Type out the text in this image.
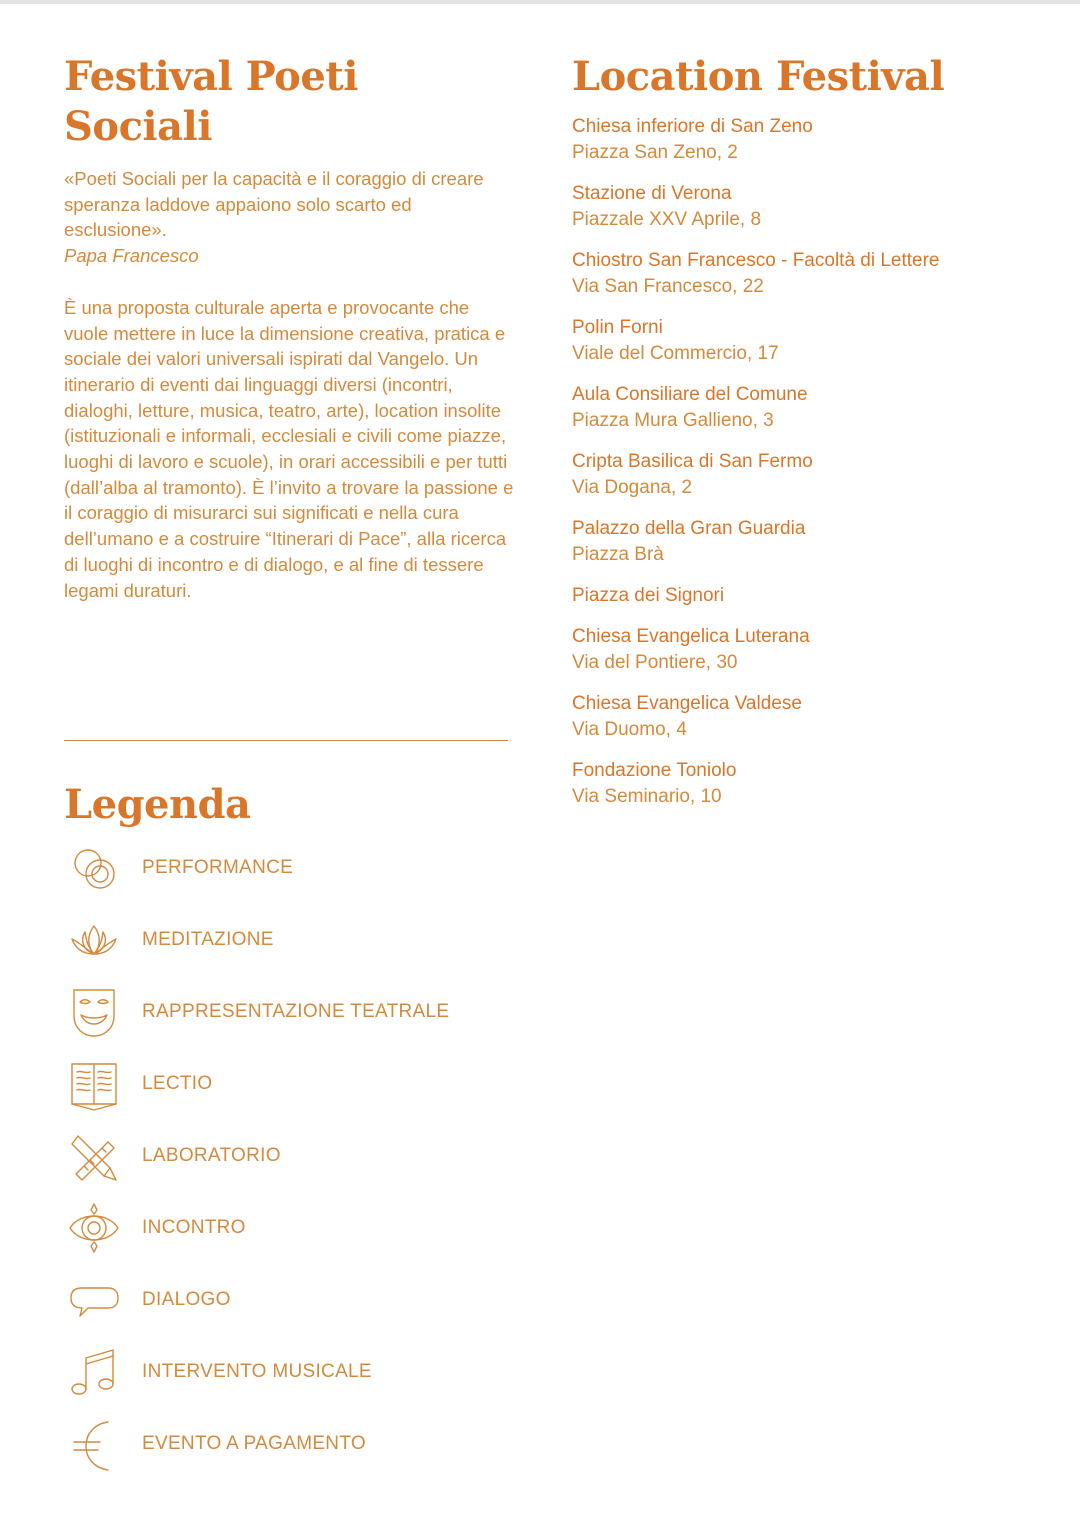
Festival Poeti Sociali
«Poeti Sociali per la capacità e il coraggio di creare speranza laddove appaiono solo scarto ed esclusione».
Papa Francesco
È una proposta culturale aperta e provocante che vuole mettere in luce la dimensione creativa, pratica e sociale dei valori universali ispirati dal Vangelo. Un itinerario di eventi dai linguaggi diversi (incontri, dialoghi, letture, musica, teatro, arte), location insolite (istituzionali e informali, ecclesiali e civili come piazze, luoghi di lavoro e scuole), in orari accessibili e per tutti (dall’alba al tramonto). È l’invito a trovare la passione e il coraggio di misurarci sui significati e nella cura dell’umano e a costruire “Itinerari di Pace”, alla ricerca di luoghi di incontro e di dialogo, e al fine di tessere legami duraturi.
Legenda
PERFORMANCE
MEDITAZIONE
RAPPRESENTAZIONE TEATRALE
LECTIO
LABORATORIO
INCONTRO
DIALOGO
INTERVENTO MUSICALE
EVENTO A PAGAMENTO
Location Festival
Chiesa inferiore di San Zeno
Piazza San Zeno, 2
Stazione di Verona
Piazzale XXV Aprile, 8
Chiostro San Francesco - Facoltà di Lettere
Via San Francesco, 22
Polin Forni
Viale del Commercio, 17
Aula Consiliare del Comune
Piazza Mura Gallieno, 3
Cripta Basilica di San Fermo
Via Dogana, 2
Palazzo della Gran Guardia
Piazza Brà
Piazza dei Signori
Chiesa Evangelica Luterana
Via del Pontiere, 30
Chiesa Evangelica Valdese
Via Duomo, 4
Fondazione Toniolo
Via Seminario, 10
